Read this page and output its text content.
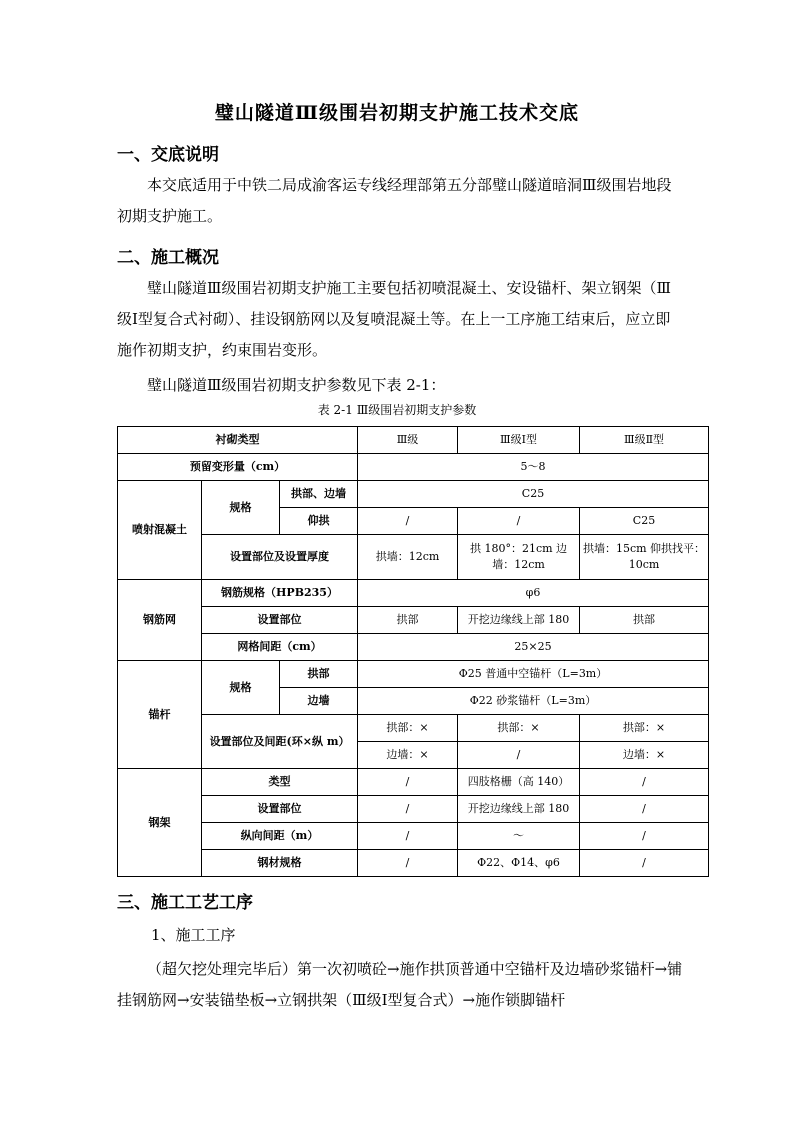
璧山隧道Ⅲ级围岩初期支护施工技术交底
一、交底说明
本交底适用于中铁二局成渝客运专线经理部第五分部璧山隧道暗洞Ⅲ级围岩地段初期支护施工。
二、施工概况
璧山隧道Ⅲ级围岩初期支护施工主要包括初喷混凝土、安设锚杆、架立钢架（Ⅲ级Ⅰ型复合式衬砌）、挂设钢筋网以及复喷混凝土等。在上一工序施工结束后，应立即施作初期支护，约束围岩变形。
璧山隧道Ⅲ级围岩初期支护参数见下表 2-1：
表 2-1 Ⅲ级围岩初期支护参数
衬砌类型			Ⅲ级	Ⅲ级Ⅰ型	Ⅲ级Ⅱ型
预留变形量（cm）			5～8		
喷射混凝土	规格	拱部、边墙	C25		
		仰拱	/	/	C25
	设置部位及设置厚度		拱墙：12cm	拱 180°：21cm 边墙：12cm	拱墙：15cm 仰拱找平：10cm
钢筋网	钢筋规格（HPB235）		φ6		
	设置部位		拱部	开挖边缘线上部 180	拱部
	网格间距（cm）		25×25		
锚杆	规格	拱部	Φ25 普通中空锚杆（L=3m）		
		边墙	Φ22 砂浆锚杆（L=3m）		
	设置部位及间距(环×纵 m）		拱部：×	拱部：×	拱部：×
			边墙：×	/	边墙：×
钢架	类型		/	四肢格栅（高 140）	/
	设置部位		/	开挖边缘线上部 180	/
	纵向间距（m）		/	～	/
	钢材规格		/	Φ22、Φ14、φ6	/
三、施工工艺工序
1、施工工序
（超欠挖处理完毕后）第一次初喷砼→施作拱顶普通中空锚杆及边墙砂浆锚杆→铺挂钢筋网→安装锚垫板→立钢拱架（Ⅲ级Ⅰ型复合式）→施作锁脚锚杆
